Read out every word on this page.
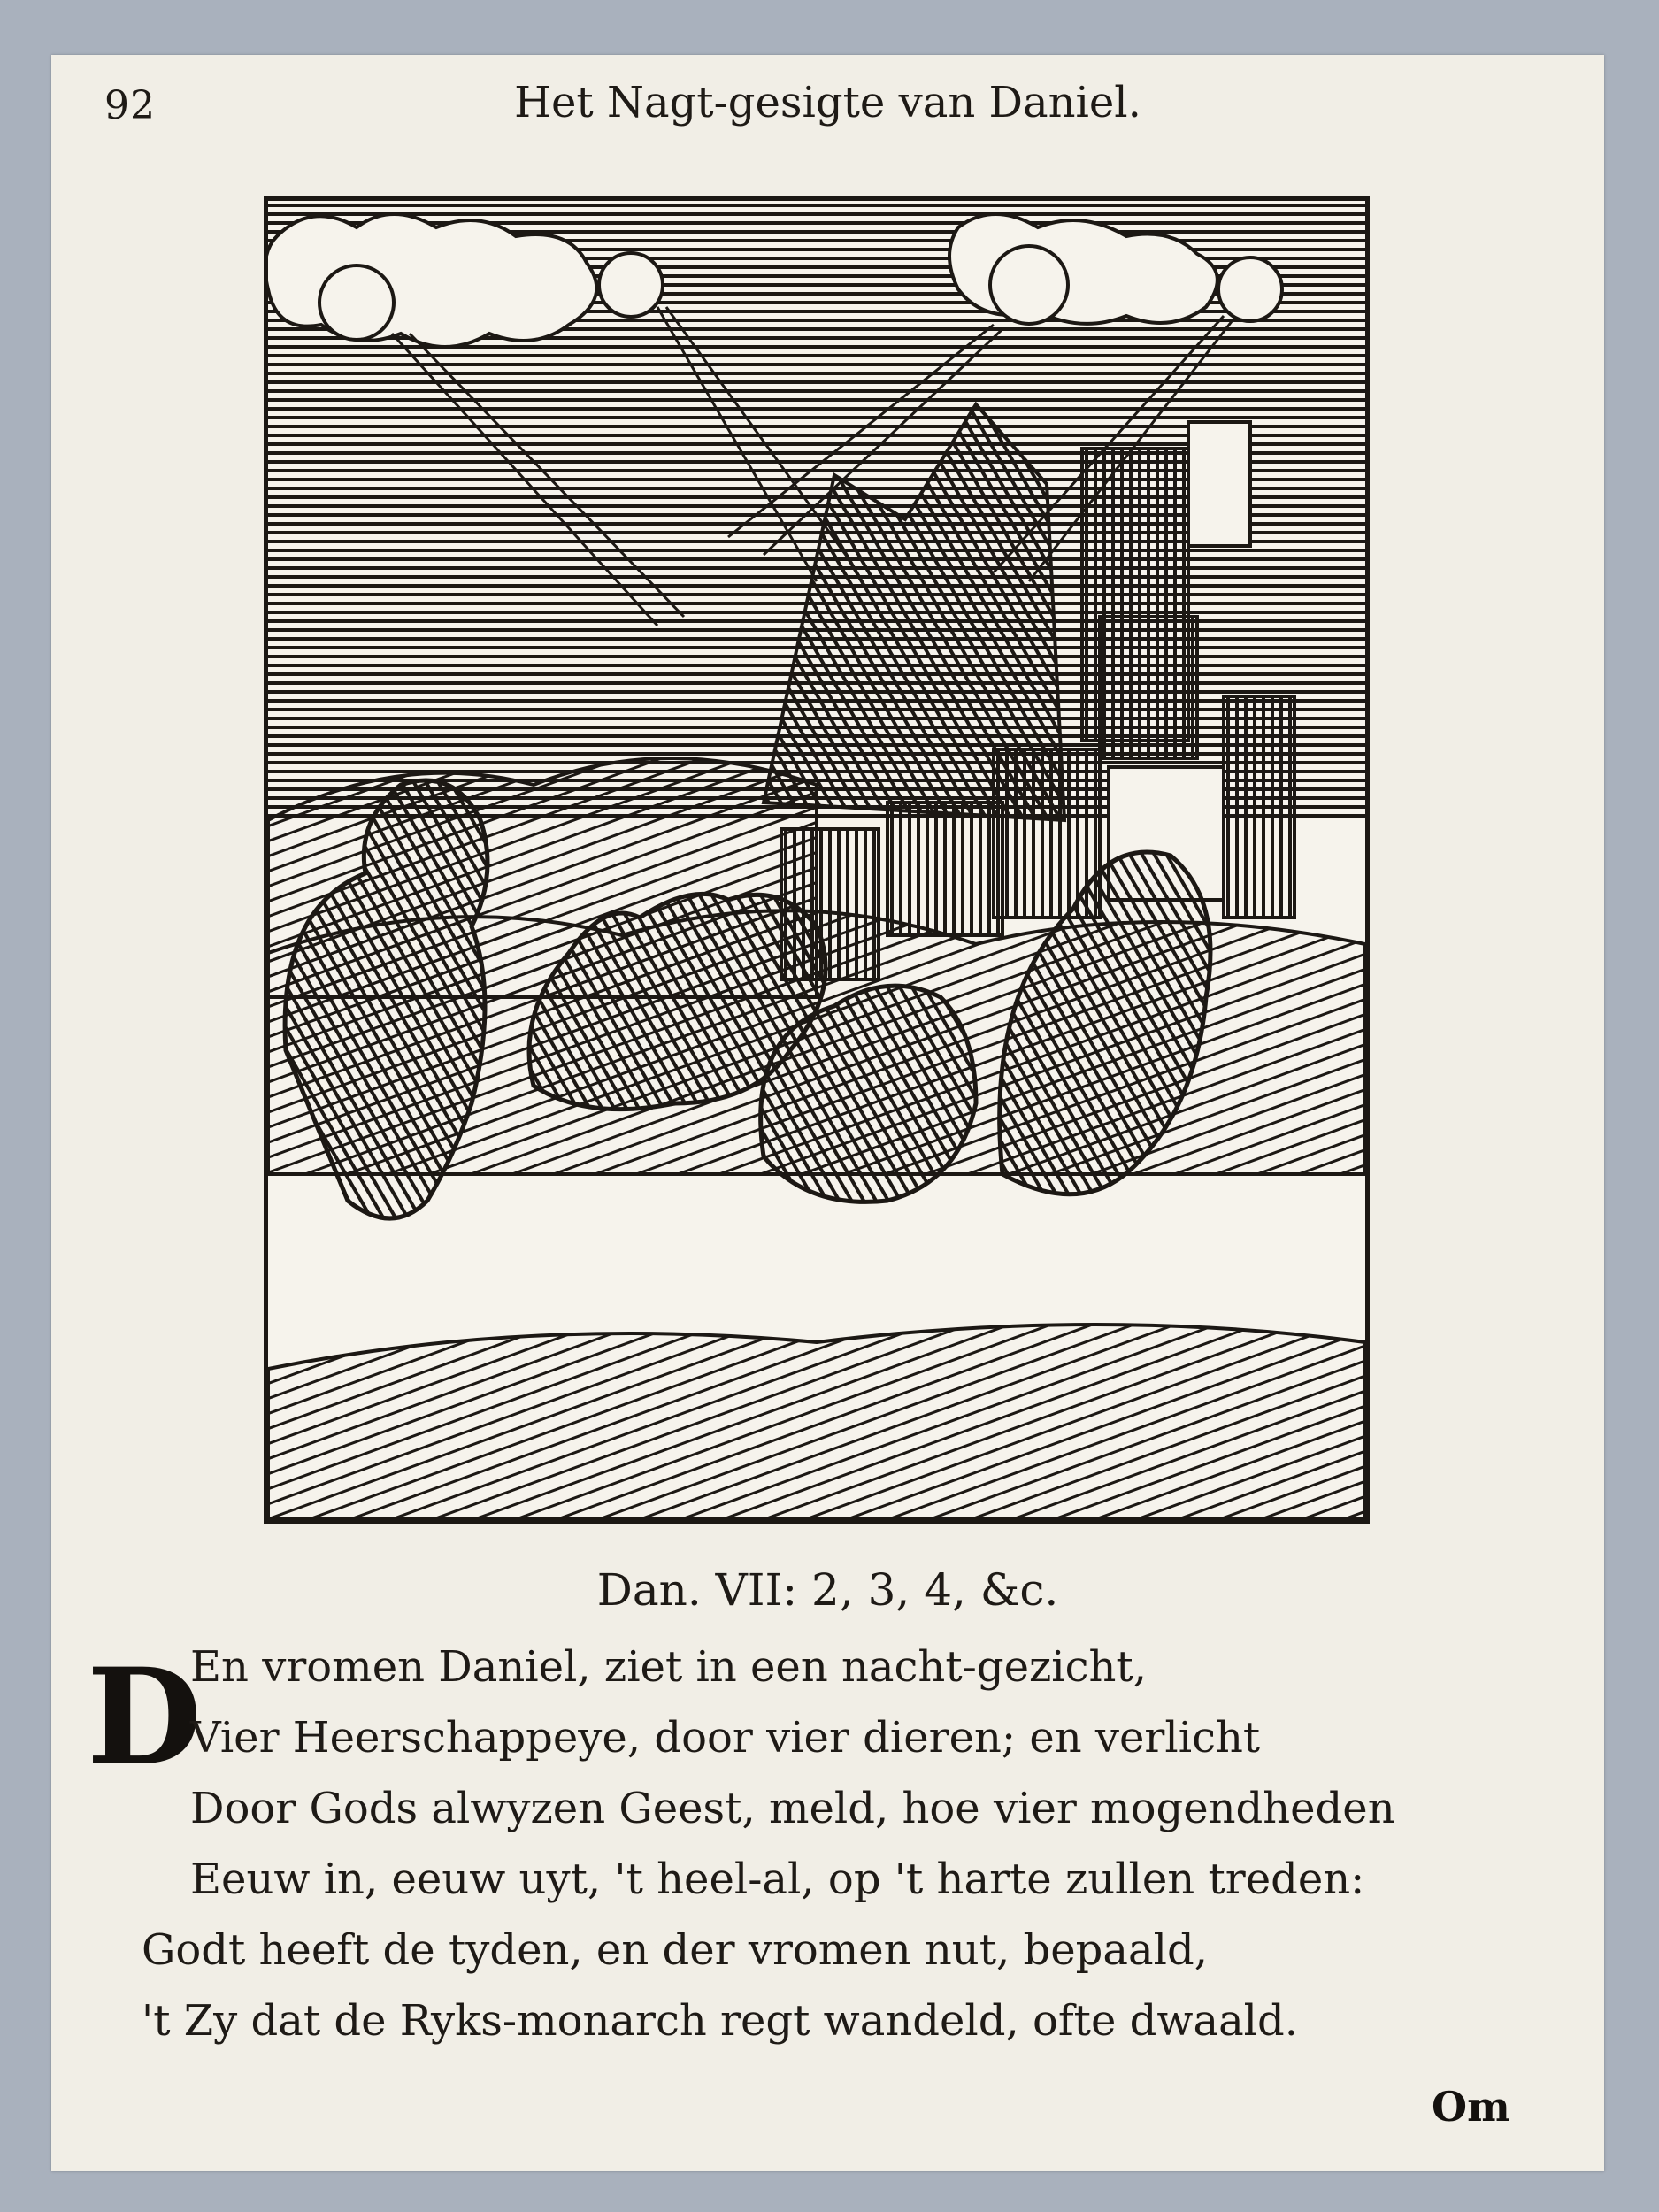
92	Het Nagt-gesigte van Daniel.
Dan. VII: 2, 3, 4, &c.
D
En vromen Daniel, ziet in een nacht-gezicht,
Vier Heerschappeye, door vier dieren; en verlicht
Door Gods alwyzen Geest, meld, hoe vier mogendheden
Eeuw in, eeuw uyt, 't heel-al, op 't harte zullen treden:
Godt heeft de tyden, en der vromen nut, bepaald,
't Zy dat de Ryks-monarch regt wandeld, ofte dwaald.
Om
